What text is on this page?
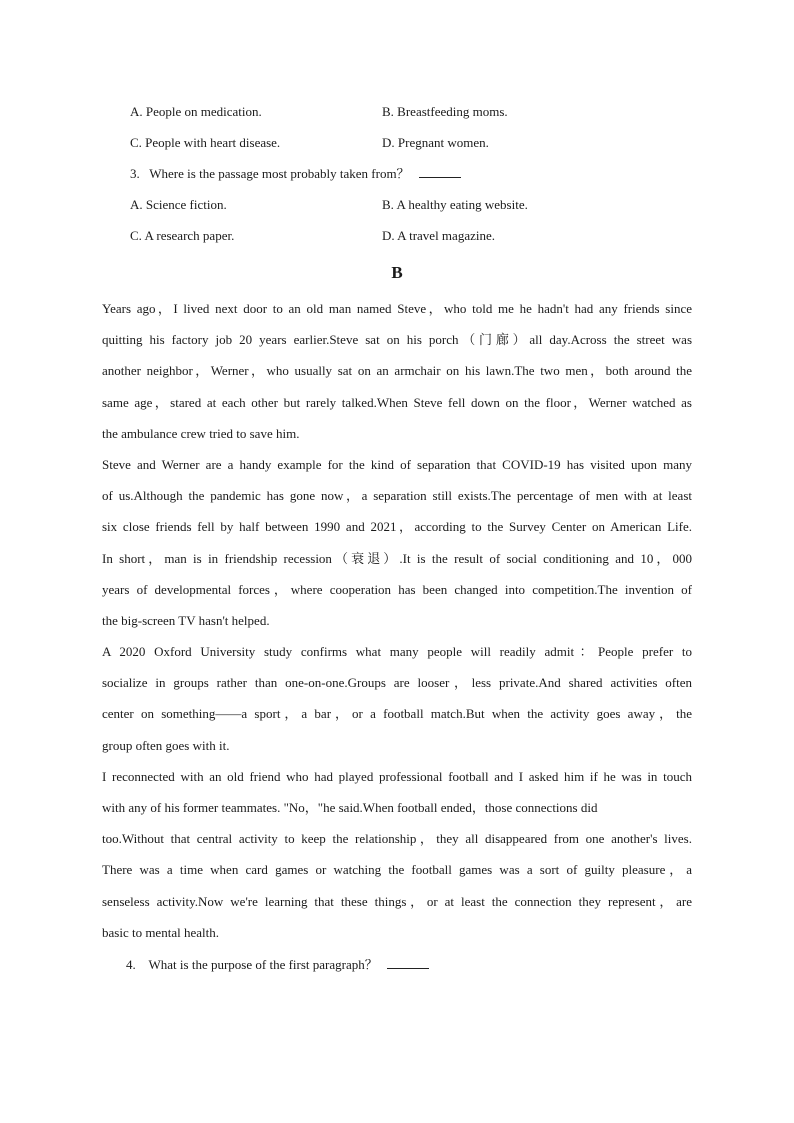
A. People on medication.	B. Breastfeeding moms.
C. People with heart disease.	D. Pregnant women.
3. Where is the passage most probably taken from？
A. Science fiction.	B. A healthy eating website.
C. A research paper.	D. A travel magazine.
B
Years ago，I lived next door to an old man named Steve，who told me he hadn't had any friends since
quitting his factory job 20 years earlier.Steve sat on his porch（门廊）all day.Across the street was
another neighbor，Werner，who usually sat on an armchair on his lawn.The two men，both around the
same age，stared at each other but rarely talked.When Steve fell down on the floor，Werner watched as
the ambulance crew tried to save him.
Steve and Werner are a handy example for the kind of separation that COVID-19 has visited upon many
of us.Although the pandemic has gone now，a separation still exists.The percentage of men with at least
six close friends fell by half between 1990 and 2021，according to the Survey Center on American Life.
In short，man is in friendship recession（衰退）.It is the result of social conditioning and 10，000
years of developmental forces，where cooperation has been changed into competition.The invention of
the big-screen TV hasn't helped.
A 2020 Oxford University study confirms what many people will readily admit：People prefer to
socialize in groups rather than one-on-one.Groups are looser，less private.And shared activities often
center on something——a sport，a bar，or a football match.But when the activity goes away，the
group often goes with it.
I reconnected with an old friend who had played professional football and I asked him if he was in touch
with any of his former teammates. "No，"he said.When football ended，those connections did
too.Without that central activity to keep the relationship，they all disappeared from one another's lives.
There was a time when card games or watching the football games was a sort of guilty pleasure，a
senseless activity.Now we're learning that these things，or at least the connection they represent，are
basic to mental health.
4. What is the purpose of the first paragraph？
